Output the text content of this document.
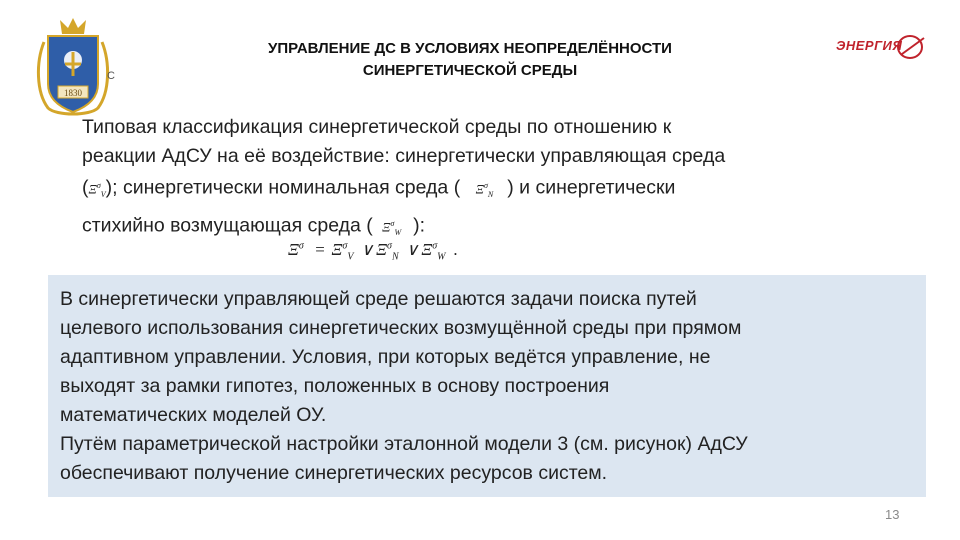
1830
С
УПРАВЛЕНИЕ ДС В УСЛОВИЯХ НЕОПРЕДЕЛЁННОСТИ
СИНЕРГЕТИЧЕСКОЙ СРЕДЫ
ЭНЕРГИЯ
Типовая классификация синергетической среды по отношению к
реакции АдСУ на её воздействие: синергетически управляющая среда
$(\Xi^\sigma_V)$; синергетически номинальная среда ( $\Xi^\sigma_N$ ) и синергетически
стихийно возмущающая среда ( $\Xi^\sigma_W$ ):
$\Xi^\sigma = \Xi^\sigma_V$ ∨ $\Xi^\sigma_N$ ∨ $\Xi^\sigma_W$ .
В синергетически управляющей среде решаются задачи поиска путей
целевого использования синергетических возмущённой среды при прямом
адаптивном управлении. Условия, при которых ведётся управление, не
выходят за рамки гипотез, положенных в основу построения
математических моделей ОУ.
Путём параметрической настройки эталонной модели 3 (см. рисунок) АдСУ
обеспечивают получение синергетических ресурсов систем.
13
